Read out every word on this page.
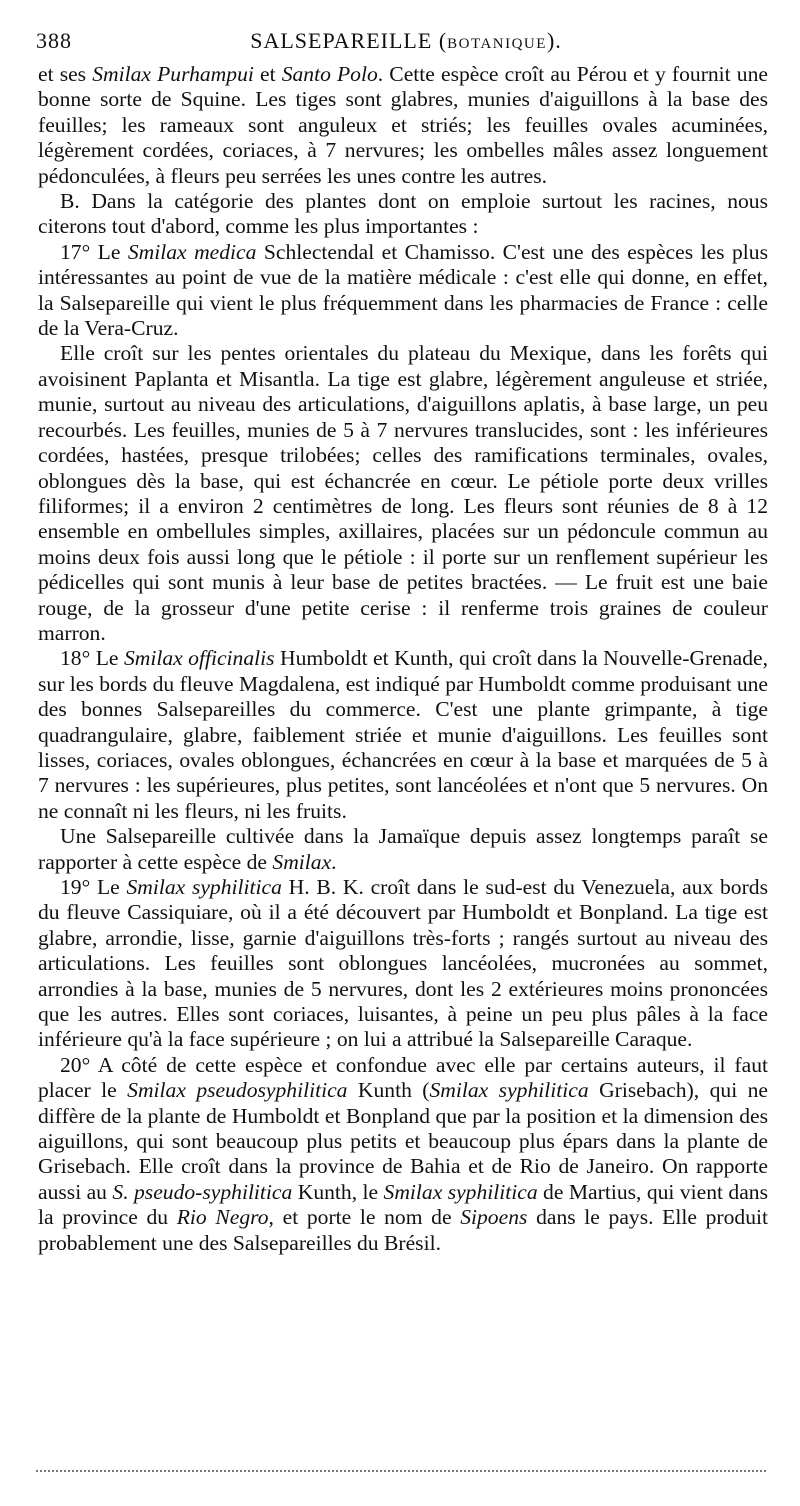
388	SALSEPAREILLE (BOTANIQUE).

et ses Smilax Purhampui et Santo Polo. Cette espèce croît au Pérou et y fournit une bonne sorte de Squine. Les tiges sont glabres, munies d'aiguillons à la base des feuilles; les rameaux sont anguleux et striés; les feuilles ovales acuminées, légèrement cordées, coriaces, à 7 nervures; les ombelles mâles assez longuement pédonculées, à fleurs peu serrées les unes contre les autres.

B. Dans la catégorie des plantes dont on emploie surtout les racines, nous citerons tout d'abord, comme les plus importantes :

17° Le Smilax medica Schlectendal et Chamisso. C'est une des espèces les plus intéressantes au point de vue de la matière médicale : c'est elle qui donne, en effet, la Salsepareille qui vient le plus fréquemment dans les pharmacies de France : celle de la Vera-Cruz.

Elle croît sur les pentes orientales du plateau du Mexique, dans les forêts qui avoisinent Paplanta et Misantla. La tige est glabre, légèrement anguleuse et striée, munie, surtout au niveau des articulations, d'aiguillons aplatis, à base large, un peu recourbés. Les feuilles, munies de 5 à 7 nervures translucides, sont : les inférieures cordées, hastées, presque trilobées; celles des ramifications terminales, ovales, oblongues dès la base, qui est échancrée en cœur. Le pétiole porte deux vrilles filiformes; il a environ 2 centimètres de long. Les fleurs sont réunies de 8 à 12 ensemble en ombellules simples, axillaires, placées sur un pédoncule commun au moins deux fois aussi long que le pétiole : il porte sur un renflement supérieur les pédicelles qui sont munis à leur base de petites bractées. — Le fruit est une baie rouge, de la grosseur d'une petite cerise : il renferme trois graines de couleur marron.

18° Le Smilax officinalis Humboldt et Kunth, qui croît dans la Nouvelle-Grenade, sur les bords du fleuve Magdalena, est indiqué par Humboldt comme produisant une des bonnes Salsepareilles du commerce. C'est une plante grimpante, à tige quadrangulaire, glabre, faiblement striée et munie d'aiguillons. Les feuilles sont lisses, coriaces, ovales oblongues, échancrées en cœur à la base et marquées de 5 à 7 nervures : les supérieures, plus petites, sont lancéolées et n'ont que 5 nervures. On ne connaît ni les fleurs, ni les fruits.

Une Salsepareille cultivée dans la Jamaïque depuis assez longtemps paraît se rapporter à cette espèce de Smilax.

19° Le Smilax syphilitica H. B. K. croît dans le sud-est du Venezuela, aux bords du fleuve Cassiquiare, où il a été découvert par Humboldt et Bonpland. La tige est glabre, arrondie, lisse, garnie d'aiguillons très-forts ; rangés surtout au niveau des articulations. Les feuilles sont oblongues lancéolées, mucronées au sommet, arrondies à la base, munies de 5 nervures, dont les 2 extérieures moins prononcées que les autres. Elles sont coriaces, luisantes, à peine un peu plus pâles à la face inférieure qu'à la face supérieure ; on lui a attribué la Salsepareille Caraque.

20° A côté de cette espèce et confondue avec elle par certains auteurs, il faut placer le Smilax pseudosyphilitica Kunth (Smilax syphilitica Grisebach), qui ne diffère de la plante de Humboldt et Bonpland que par la position et la dimension des aiguillons, qui sont beaucoup plus petits et beaucoup plus épars dans la plante de Grisebach. Elle croît dans la province de Bahia et de Rio de Janeiro. On rapporte aussi au S. pseudo-syphilitica Kunth, le Smilax syphilitica de Martius, qui vient dans la province du Rio Negro, et porte le nom de Sipoens dans le pays. Elle produit probablement une des Salsepareilles du Brésil.
